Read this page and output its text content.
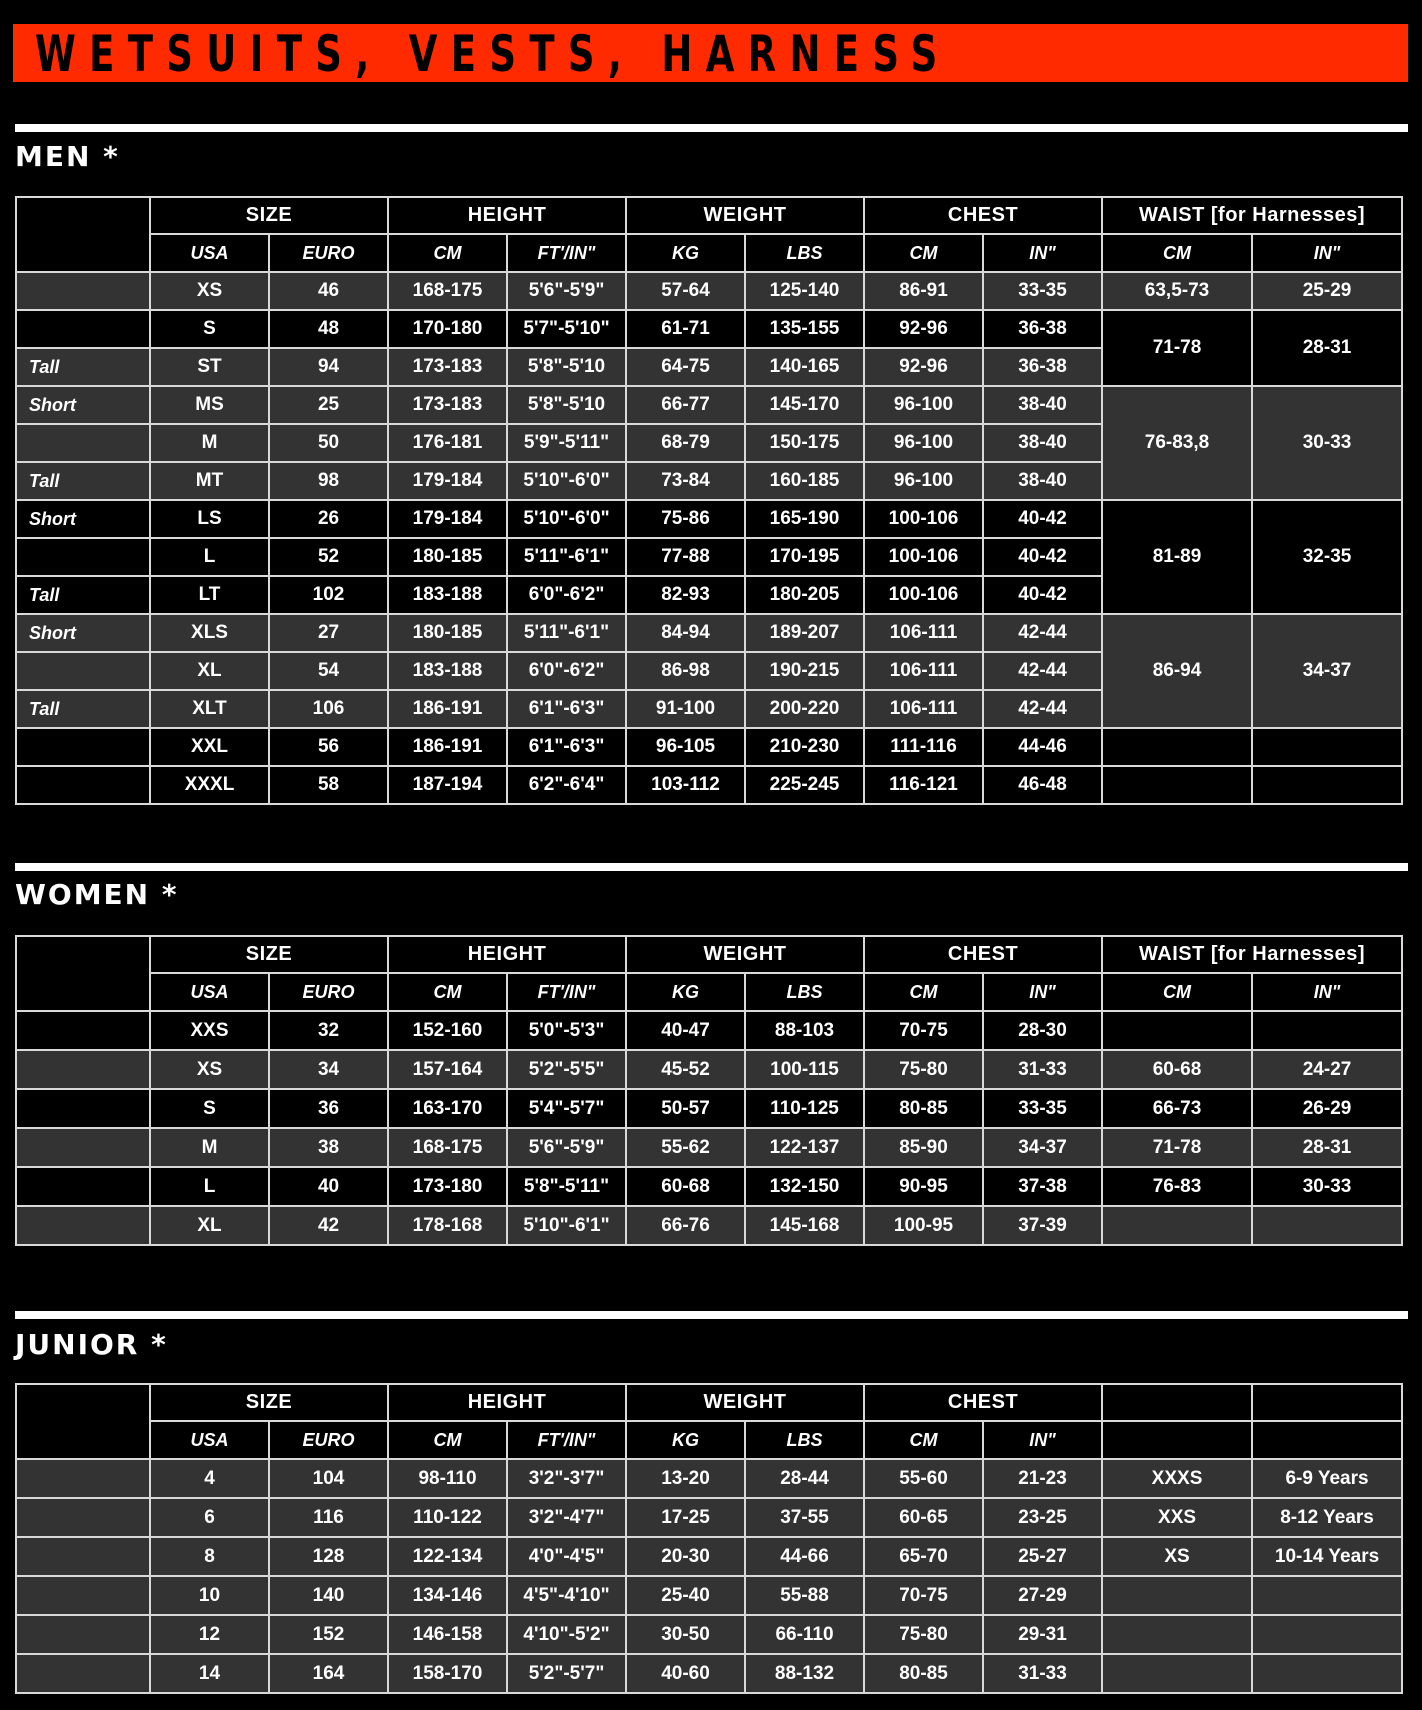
WETSUITS, VESTS, HARNESS
MEN *
	SIZE		HEIGHT		WEIGHT		CHEST		WAIST [for Harnesses]	
	USA	EURO	CM	FT'/IN"	KG	LBS	CM	IN"	CM	IN"
	XS	46	168-175	5'6"-5'9"	57-64	125-140	86-91	33-35	63,5-73	25-29
	S	48	170-180	5'7"-5'10"	61-71	135-155	92-96	36-38	71-78	28-31
Tall	ST	94	173-183	5'8"-5'10	64-75	140-165	92-96	36-38		
Short	MS	25	173-183	5'8"-5'10	66-77	145-170	96-100	38-40	76-83,8	30-33
	M	50	176-181	5'9"-5'11"	68-79	150-175	96-100	38-40		
Tall	MT	98	179-184	5'10"-6'0"	73-84	160-185	96-100	38-40		
Short	LS	26	179-184	5'10"-6'0"	75-86	165-190	100-106	40-42	81-89	32-35
	L	52	180-185	5'11"-6'1"	77-88	170-195	100-106	40-42		
Tall	LT	102	183-188	6'0"-6'2"	82-93	180-205	100-106	40-42		
Short	XLS	27	180-185	5'11"-6'1"	84-94	189-207	106-111	42-44	86-94	34-37
	XL	54	183-188	6'0"-6'2"	86-98	190-215	106-111	42-44		
Tall	XLT	106	186-191	6'1"-6'3"	91-100	200-220	106-111	42-44		
	XXL	56	186-191	6'1"-6'3"	96-105	210-230	111-116	44-46		
	XXXL	58	187-194	6'2"-6'4"	103-112	225-245	116-121	46-48		
WOMEN *
	SIZE		HEIGHT		WEIGHT		CHEST		WAIST [for Harnesses]	
	USA	EURO	CM	FT'/IN"	KG	LBS	CM	IN"	CM	IN"
	XXS	32	152-160	5'0"-5'3"	40-47	88-103	70-75	28-30		
	XS	34	157-164	5'2"-5'5"	45-52	100-115	75-80	31-33	60-68	24-27
	S	36	163-170	5'4"-5'7"	50-57	110-125	80-85	33-35	66-73	26-29
	M	38	168-175	5'6"-5'9"	55-62	122-137	85-90	34-37	71-78	28-31
	L	40	173-180	5'8"-5'11"	60-68	132-150	90-95	37-38	76-83	30-33
	XL	42	178-168	5'10"-6'1"	66-76	145-168	100-95	37-39		
JUNIOR *
	SIZE		HEIGHT		WEIGHT		CHEST			
	USA	EURO	CM	FT'/IN"	KG	LBS	CM	IN"		
	4	104	98-110	3'2"-3'7"	13-20	28-44	55-60	21-23	XXXS	6-9 Years
	6	116	110-122	3'2"-4'7"	17-25	37-55	60-65	23-25	XXS	8-12 Years
	8	128	122-134	4'0"-4'5"	20-30	44-66	65-70	25-27	XS	10-14 Years
	10	140	134-146	4'5"-4'10"	25-40	55-88	70-75	27-29		
	12	152	146-158	4'10"-5'2"	30-50	66-110	75-80	29-31		
	14	164	158-170	5'2"-5'7"	40-60	88-132	80-85	31-33		
